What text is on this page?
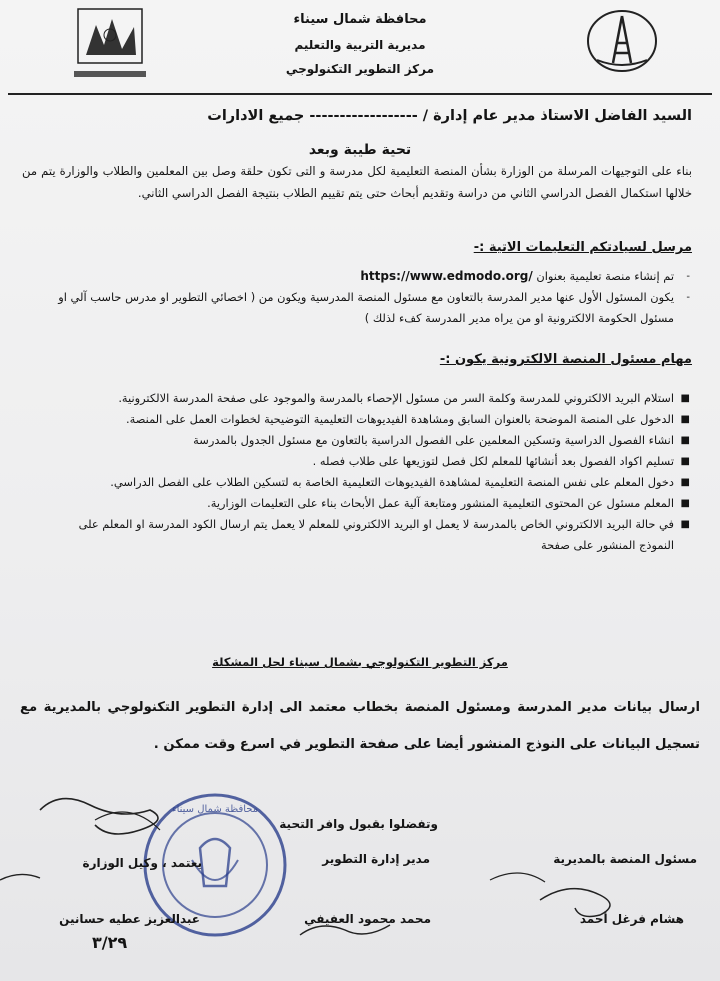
محافظة شمال سيناء
مديرية التربية والتعليم
مركز التطوير التكنولوجي
السيد الفاضل الاستاذ مدير عام إدارة / ------------------ جميع الادارات
تحية طيبة وبعد
بناء على التوجيهات المرسلة من الوزارة بشأن المنصة التعليمية لكل مدرسة و التى تكون حلقة وصل بين المعلمين والطلاب والوزارة يتم من خلالها استكمال الفصل الدراسي الثاني من دراسة وتقديم أبحاث حتى يتم تقييم الطلاب بنتيجة الفصل الدراسي الثاني.
مرسل لسيادتكم التعليمات الاتية :-
-
تم إنشاء منصة تعليمية بعنوان https://www.edmodo.org/
-
يكون المسئول الأول عنها مدير المدرسة بالتعاون مع مسئول المنصة المدرسية ويكون من ( اخصائي التطوير او مدرس حاسب آلي او مسئول الحكومة الالكترونية او من يراه مدير المدرسة كفء لذلك )
مهام مسئول المنصة الالكترونية يكون :-
■
استلام البريد الالكتروني للمدرسة وكلمة السر من مسئول الإحصاء بالمدرسة والموجود على صفحة المدرسة الالكترونية.
■
الدخول على المنصة الموضحة بالعنوان السابق ومشاهدة الفيديوهات التعليمية التوضيحية لخطوات العمل على المنصة.
■
انشاء الفصول الدراسية وتسكين المعلمين على الفصول الدراسية بالتعاون مع مسئول الجدول بالمدرسة
■
تسليم اكواد الفصول بعد أنشائها للمعلم لكل فصل لتوزيعها على طلاب فصله .
■
دخول المعلم على نفس المنصة التعليمية لمشاهدة الفيديوهات التعليمية الخاصة به لتسكين الطلاب على الفصل الدراسي.
■
المعلم مسئول عن المحتوى التعليمية المنشور ومتابعة آلية عمل الأبحاث بناء على التعليمات الوزارية.
■
في حالة البريد الالكتروني الخاص بالمدرسة لا يعمل او البريد الالكتروني للمعلم لا يعمل يتم ارسال الكود المدرسة او المعلم على النموذج المنشور على صفحة
مركز التطوير التكنولوجي بشمال سيناء لحل المشكلة
ارسال بيانات مدير المدرسة ومسئول المنصة بخطاب معتمد الى إدارة التطوير التكنولوجي بالمديرية مع تسجيل البيانات على النوذج المنشور أيضا على صفحة التطوير في اسرع وقت ممكن .
وتفضلوا بقبول وافر التحية
محافظة شمال سيناء
مسئول المنصة بالمديرية
هشام فرغل أحمد
مدير إدارة التطوير
محمد محمود العفيفي
يعتمد ، وكيل الوزارة
عبدالعزيز عطيه حسانين
٣/٢٩
